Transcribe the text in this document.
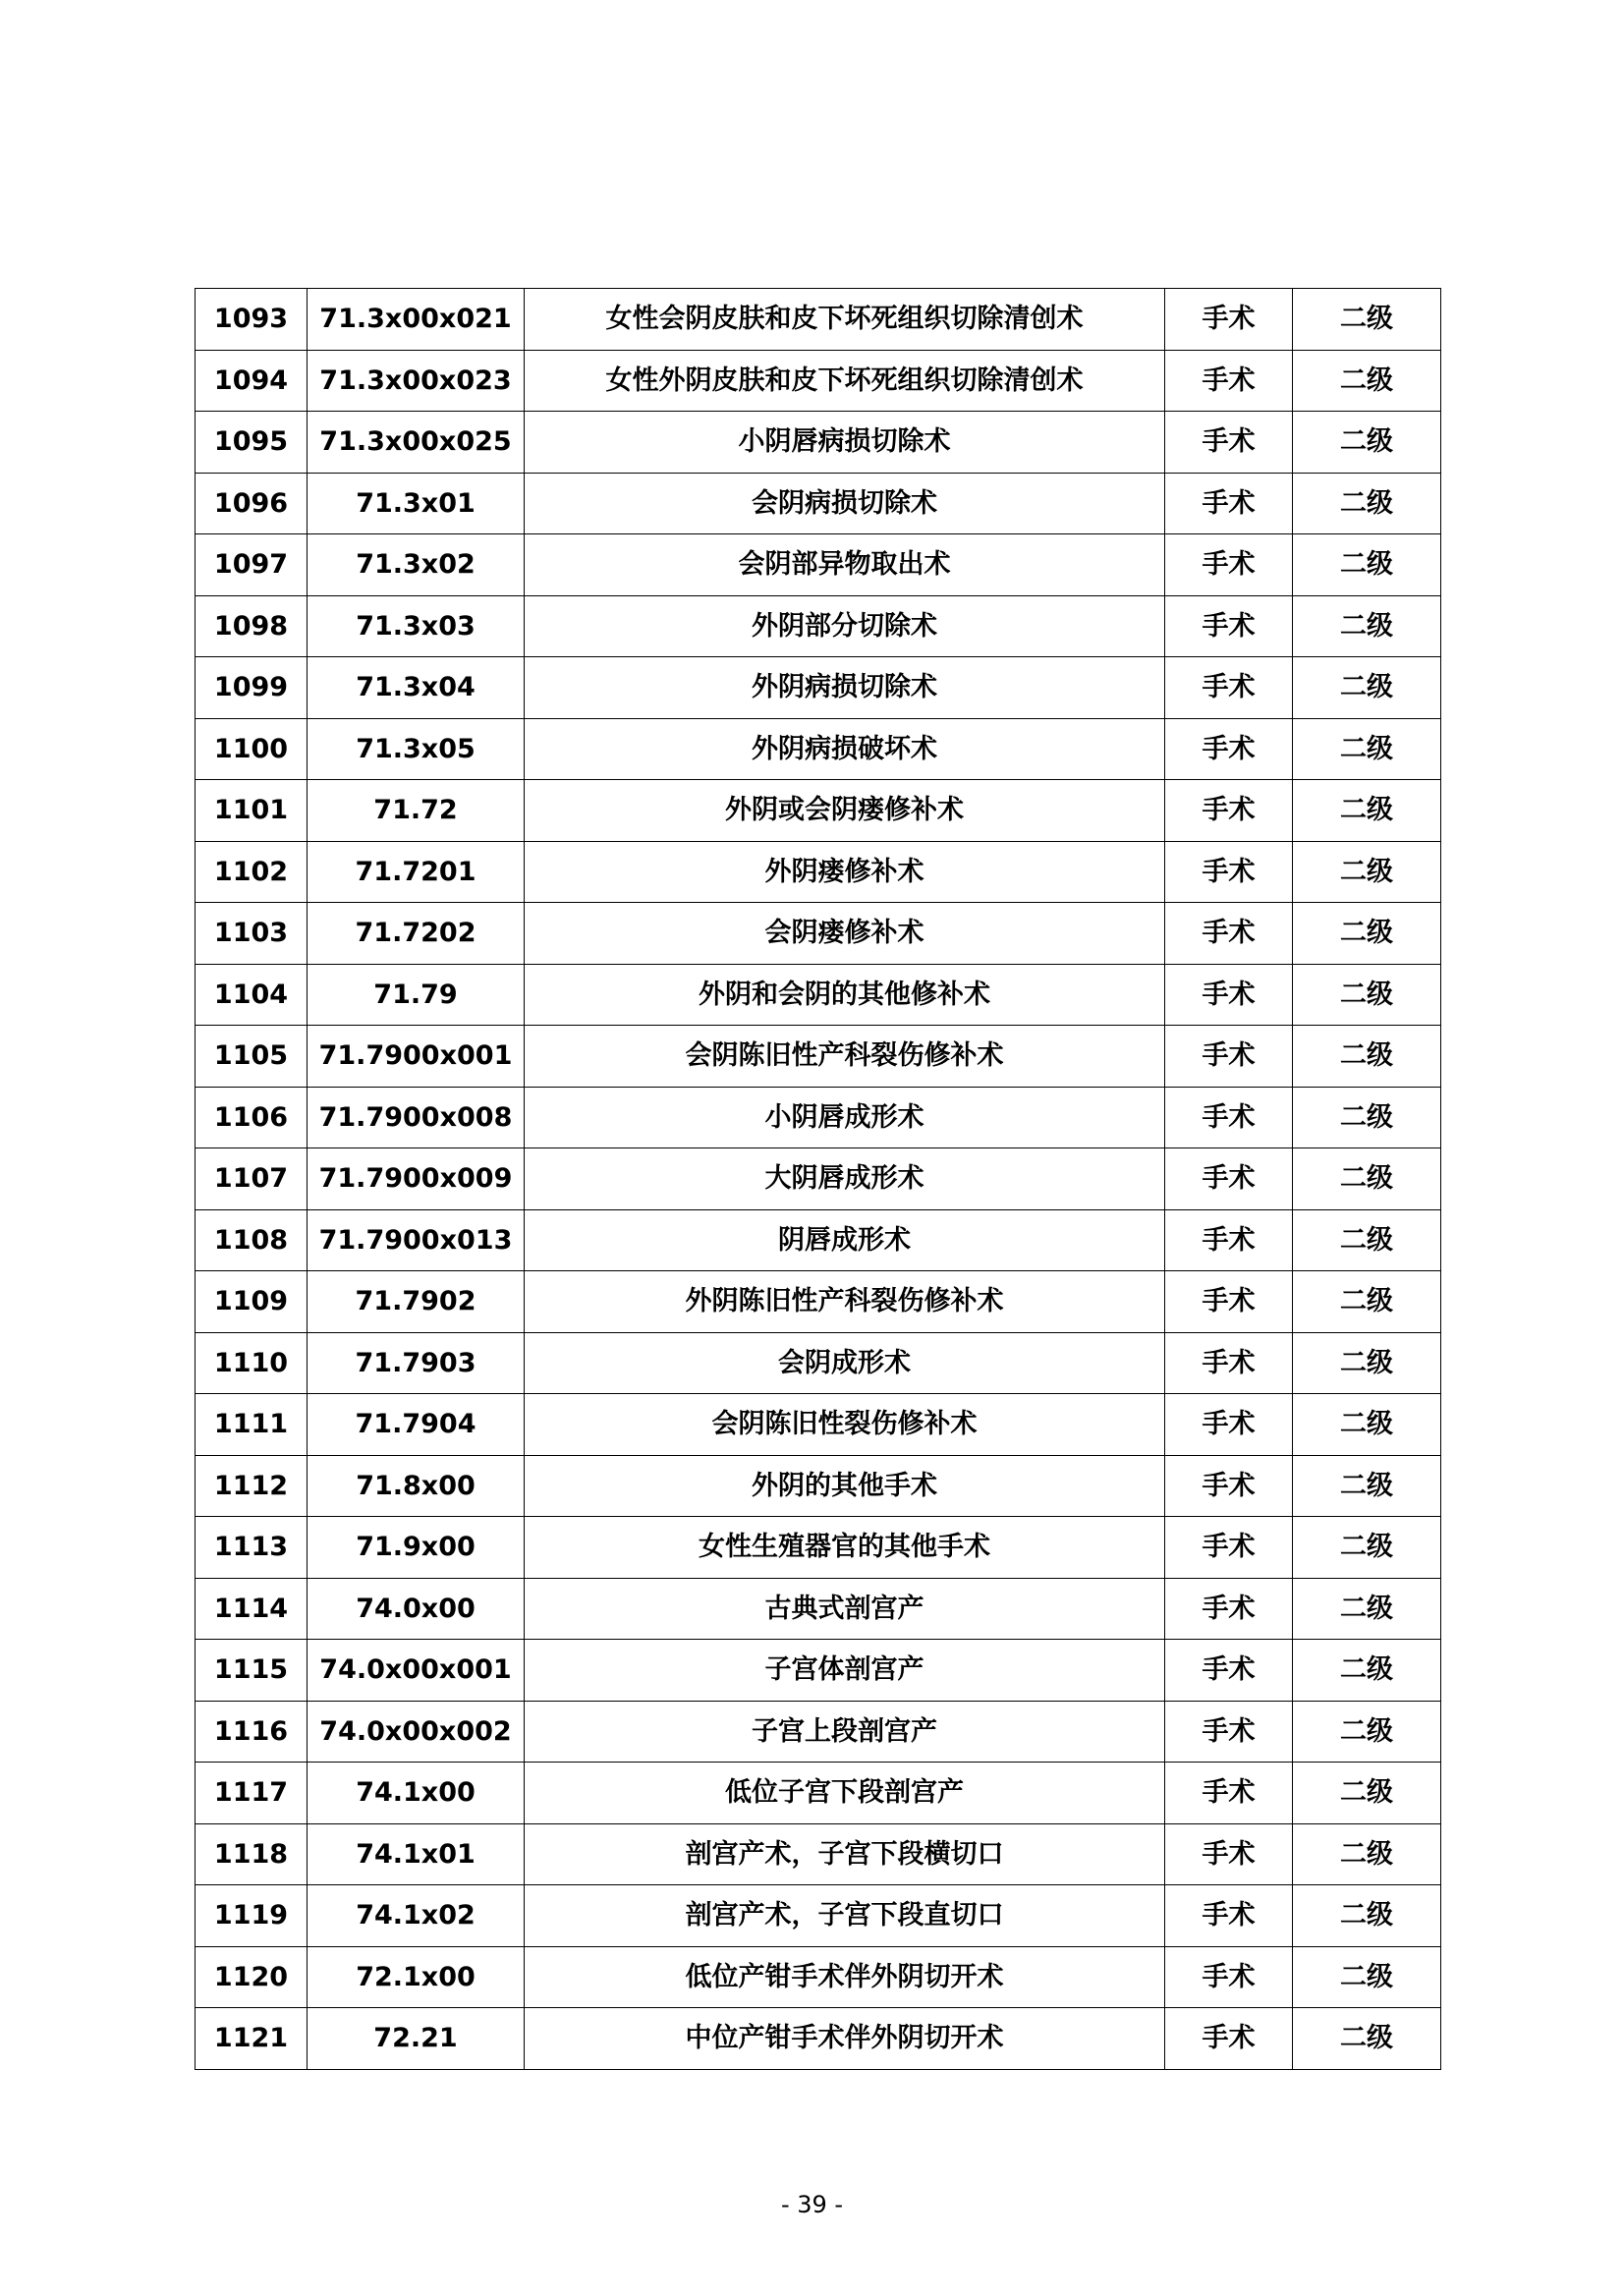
1093	71.3x00x021	女性会阴皮肤和皮下坏死组织切除清创术	手术	二级
1094	71.3x00x023	女性外阴皮肤和皮下坏死组织切除清创术	手术	二级
1095	71.3x00x025	小阴唇病损切除术	手术	二级
1096	71.3x01	会阴病损切除术	手术	二级
1097	71.3x02	会阴部异物取出术	手术	二级
1098	71.3x03	外阴部分切除术	手术	二级
1099	71.3x04	外阴病损切除术	手术	二级
1100	71.3x05	外阴病损破坏术	手术	二级
1101	71.72	外阴或会阴瘘修补术	手术	二级
1102	71.7201	外阴瘘修补术	手术	二级
1103	71.7202	会阴瘘修补术	手术	二级
1104	71.79	外阴和会阴的其他修补术	手术	二级
1105	71.7900x001	会阴陈旧性产科裂伤修补术	手术	二级
1106	71.7900x008	小阴唇成形术	手术	二级
1107	71.7900x009	大阴唇成形术	手术	二级
1108	71.7900x013	阴唇成形术	手术	二级
1109	71.7902	外阴陈旧性产科裂伤修补术	手术	二级
1110	71.7903	会阴成形术	手术	二级
1111	71.7904	会阴陈旧性裂伤修补术	手术	二级
1112	71.8x00	外阴的其他手术	手术	二级
1113	71.9x00	女性生殖器官的其他手术	手术	二级
1114	74.0x00	古典式剖宫产	手术	二级
1115	74.0x00x001	子宫体剖宫产	手术	二级
1116	74.0x00x002	子宫上段剖宫产	手术	二级
1117	74.1x00	低位子宫下段剖宫产	手术	二级
1118	74.1x01	剖宫产术，子宫下段横切口	手术	二级
1119	74.1x02	剖宫产术，子宫下段直切口	手术	二级
1120	72.1x00	低位产钳手术伴外阴切开术	手术	二级
1121	72.21	中位产钳手术伴外阴切开术	手术	二级
- 39 -
